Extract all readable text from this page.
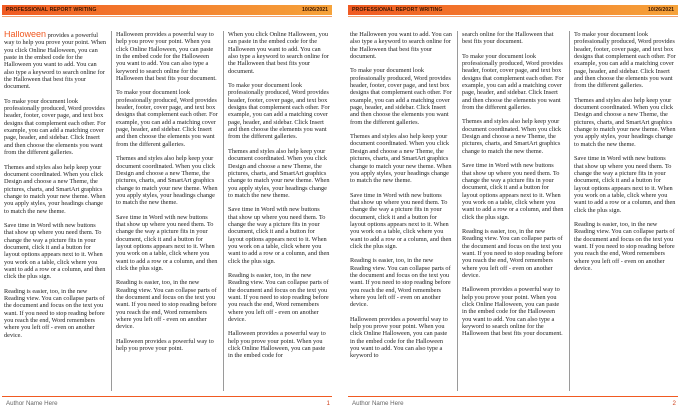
PROFESSIONAL REPORT WRITING	10/26/2021

Halloween provides a powerful way to help you prove your point. When you click Online Halloween, you can paste in the embed code for the Halloween you want to add. You can also type a keyword to search online for the Halloween that best fits your document.

To make your document look professionally produced, Word provides header, footer, cover page, and text box designs that complement each other. For example, you can add a matching cover page, header, and sidebar. Click Insert and then choose the elements you want from the different galleries.

Themes and styles also help keep your document coordinated. When you click Design and choose a new Theme, the pictures, charts, and SmartArt graphics change to match your new theme. When you apply styles, your headings change to match the new theme.

Save time in Word with new buttons that show up where you need them. To change the way a picture fits in your document, click it and a button for layout options appears next to it. When you work on a table, click where you want to add a row or a column, and then click the plus sign.

Reading is easier, too, in the new Reading view. You can collapse parts of the document and focus on the text you want. If you need to stop reading before you reach the end, Word remembers where you left off - even on another device.

Halloween provides a powerful way to help you prove your point. When you click Online Halloween, you can paste in the embed code for the Halloween you want to add. You can also type a keyword to search online for the Halloween that best fits your document.

To make your document look professionally produced, Word provides header, footer, cover page, and text box designs that complement each other. For example, you can add a matching cover page, header, and sidebar. Click Insert and then choose the elements you want from the different galleries.

Themes and styles also help keep your document coordinated. When you click Design and choose a new Theme, the pictures, charts, and SmartArt graphics change to match your new theme. When you apply styles, your headings change to match the new theme.

Save time in Word with new buttons that show up where you need them. To change the way a picture fits in your document, click it and a button for layout options appears next to it. When you work on a table, click where you want to add a row or a column, and then click the plus sign.

Reading is easier, too, in the new Reading view. You can collapse parts of the document and focus on the text you want. If you need to stop reading before you reach the end, Word remembers where you left off - even on another device.

Halloween provides a powerful way to help you prove your point.

When you click Online Halloween, you can paste in the embed code for the Halloween you want to add. You can also type a keyword to search online for the Halloween that best fits your document.

To make your document look professionally produced, Word provides header, footer, cover page, and text box designs that complement each other. For example, you can add a matching cover page, header, and sidebar. Click Insert and then choose the elements you want from the different galleries.

Themes and styles also help keep your document coordinated. When you click Design and choose a new Theme, the pictures, charts, and SmartArt graphics change to match your new theme. When you apply styles, your headings change to match the new theme.

Save time in Word with new buttons that show up where you need them. To change the way a picture fits in your document, click it and a button for layout options appears next to it. When you work on a table, click where you want to add a row or a column, and then click the plus sign.

Reading is easier, too, in the new Reading view. You can collapse parts of the document and focus on the text you want. If you need to stop reading before you reach the end, Word remembers where you left off - even on another device.

Halloween provides a powerful way to help you prove your point. When you click Online Halloween, you can paste in the embed code for

Author Name Here	1
PROFESSIONAL REPORT WRITING	10/26/2021

the Halloween you want to add. You can also type a keyword to search online for the Halloween that best fits your document.

To make your document look professionally produced, Word provides header, footer, cover page, and text box designs that complement each other. For example, you can add a matching cover page, header, and sidebar. Click Insert and then choose the elements you want from the different galleries.

Themes and styles also help keep your document coordinated. When you click Design and choose a new Theme, the pictures, charts, and SmartArt graphics change to match your new theme. When you apply styles, your headings change to match the new theme.

Save time in Word with new buttons that show up where you need them. To change the way a picture fits in your document, click it and a button for layout options appears next to it. When you work on a table, click where you want to add a row or a column, and then click the plus sign.

Reading is easier, too, in the new Reading view. You can collapse parts of the document and focus on the text you want. If you need to stop reading before you reach the end, Word remembers where you left off - even on another device.

Halloween provides a powerful way to help you prove your point. When you click Online Halloween, you can paste in the embed code for the Halloween you want to add. You can also type a keyword to

search online for the Halloween that best fits your document.

To make your document look professionally produced, Word provides header, footer, cover page, and text box designs that complement each other. For example, you can add a matching cover page, header, and sidebar. Click Insert and then choose the elements you want from the different galleries.

Themes and styles also help keep your document coordinated. When you click Design and choose a new Theme, the pictures, charts, and SmartArt graphics change to match the new theme.

Save time in Word with new buttons that show up where you need them. To change the way a picture fits in your document, click it and a button for layout options appears next to it. When you work on a table, click where you want to add a row or a column, and then click the plus sign.

Reading is easier, too, in the new Reading view. You can collapse parts of the document and focus on the text you want. If you need to stop reading before you reach the end, Word remembers where you left off - even on another device.

Halloween provides a powerful way to help you prove your point. When you click Online Halloween, you can paste in the embed code for the Halloween you want to add. You can also type a keyword to search online for the Halloween that best fits your document.

To make your document look professionally produced, Word provides header, footer, cover page, and text box designs that complement each other. For example, you can add a matching cover page, header, and sidebar. Click Insert and then choose the elements you want from the different galleries.

Themes and styles also help keep your document coordinated. When you click Design and choose a new Theme, the pictures, charts, and SmartArt graphics change to match your new theme. When you apply styles, your headings change to match the new theme.

Save time in Word with new buttons that show up where you need them. To change the way a picture fits in your document, click it and a button for layout options appears next to it. When you work on a table, click where you want to add a row or a column, and then click the plus sign.

Reading is easier, too, in the new Reading view. You can collapse parts of the document and focus on the text you want. If you need to stop reading before you reach the end, Word remembers where you left off - even on another device.

Author Name Here	2
